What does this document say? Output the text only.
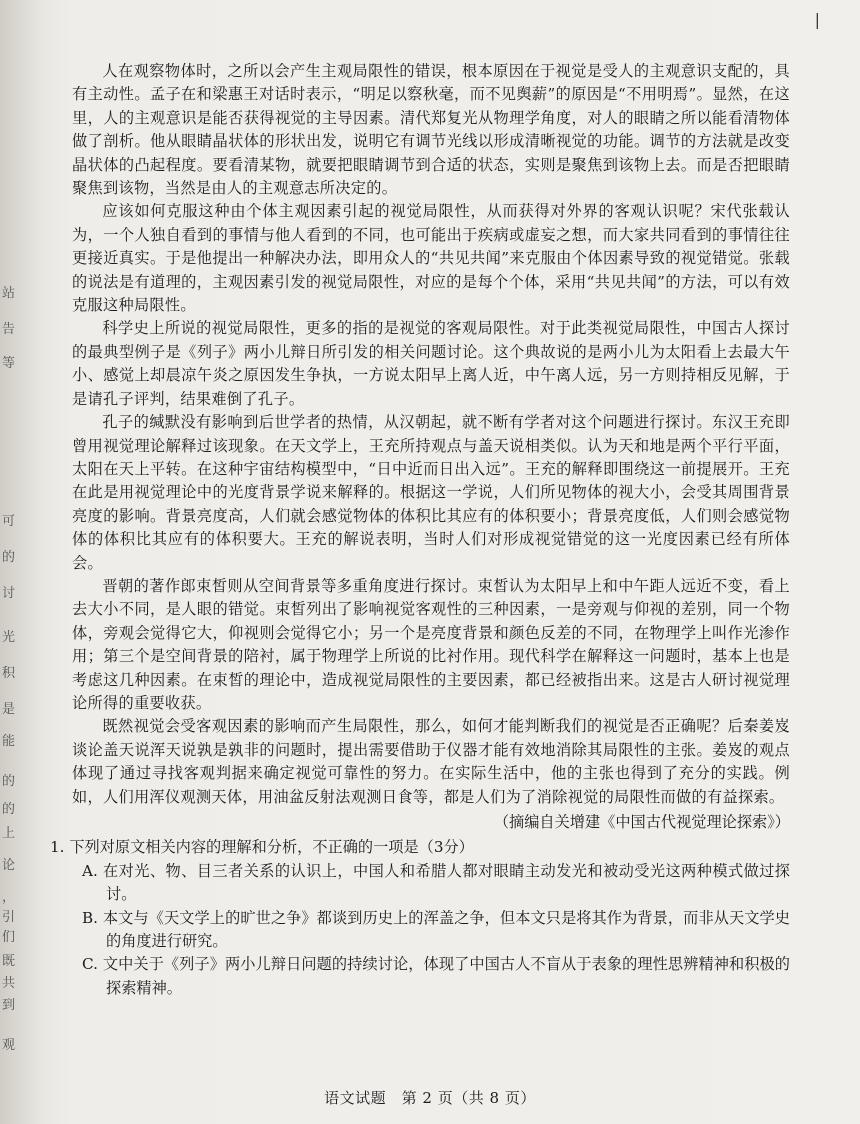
|
站
告
等
可
的
讨
光
积
是
能
的
的
上
论
，
引
们
既
共
到
观

人在观察物体时，之所以会产生主观局限性的错误，根本原因在于视觉是受人的主观意识支配的，具有主动性。孟子在和梁惠王对话时表示，“明足以察秋毫，而不见舆薪”的原因是“不用明焉”。显然，在这里，人的主观意识是能否获得视觉的主导因素。清代郑复光从物理学角度，对人的眼睛之所以能看清物体做了剖析。他从眼睛晶状体的形状出发，说明它有调节光线以形成清晰视觉的功能。调节的方法就是改变晶状体的凸起程度。要看清某物，就要把眼睛调节到合适的状态，实则是聚焦到该物上去。而是否把眼睛聚焦到该物，当然是由人的主观意志所决定的。

应该如何克服这种由个体主观因素引起的视觉局限性，从而获得对外界的客观认识呢？宋代张载认为，一个人独自看到的事情与他人看到的不同，也可能出于疾病或虚妄之想，而大家共同看到的事情往往更接近真实。于是他提出一种解决办法，即用众人的“共见共闻”来克服由个体因素导致的视觉错觉。张载的说法是有道理的，主观因素引发的视觉局限性，对应的是每个个体，采用“共见共闻”的方法，可以有效克服这种局限性。

科学史上所说的视觉局限性，更多的指的是视觉的客观局限性。对于此类视觉局限性，中国古人探讨的最典型例子是《列子》两小儿辩日所引发的相关问题讨论。这个典故说的是两小儿为太阳看上去最大午小、感觉上却晨凉午炎之原因发生争执，一方说太阳早上离人近，中午离人远，另一方则持相反见解，于是请孔子评判，结果难倒了孔子。

孔子的缄默没有影响到后世学者的热情，从汉朝起，就不断有学者对这个问题进行探讨。东汉王充即曾用视觉理论解释过该现象。在天文学上，王充所持观点与盖天说相类似。认为天和地是两个平行平面，太阳在天上平转。在这种宇宙结构模型中，“日中近而日出入远”。王充的解释即围绕这一前提展开。王充在此是用视觉理论中的光度背景学说来解释的。根据这一学说，人们所见物体的视大小，会受其周围背景亮度的影响。背景亮度高，人们就会感觉物体的体积比其应有的体积要小；背景亮度低，人们则会感觉物体的体积比其应有的体积要大。王充的解说表明，当时人们对形成视觉错觉的这一光度因素已经有所体会。

晋朝的著作郎束皙则从空间背景等多重角度进行探讨。束皙认为太阳早上和中午距人远近不变，看上去大小不同，是人眼的错觉。束皙列出了影响视觉客观性的三种因素，一是旁观与仰视的差别，同一个物体，旁观会觉得它大，仰视则会觉得它小；另一个是亮度背景和颜色反差的不同，在物理学上叫作光渗作用；第三个是空间背景的陪衬，属于物理学上所说的比衬作用。现代科学在解释这一问题时，基本上也是考虑这几种因素。在束皙的理论中，造成视觉局限性的主要因素，都已经被指出来。这是古人研讨视觉理论所得的重要收获。

既然视觉会受客观因素的影响而产生局限性，那么，如何才能判断我们的视觉是否正确呢？后秦姜岌谈论盖天说浑天说孰是孰非的问题时，提出需要借助于仪器才能有效地消除其局限性的主张。姜岌的观点体现了通过寻找客观判据来确定视觉可靠性的努力。在实际生活中，他的主张也得到了充分的实践。例如，人们用浑仪观测天体，用油盆反射法观测日食等，都是人们为了消除视觉的局限性而做的有益探索。

（摘编自关增建《中国古代视觉理论探索》）

1. 下列对原文相关内容的理解和分析，不正确的一项是（3分）

A. 在对光、物、目三者关系的认识上，中国人和希腊人都对眼睛主动发光和被动受光这两种模式做过探讨。

B. 本文与《天文学上的旷世之争》都谈到历史上的浑盖之争，但本文只是将其作为背景，而非从天文学史的角度进行研究。

C. 文中关于《列子》两小儿辩日问题的持续讨论，体现了中国古人不盲从于表象的理性思辨精神和积极的探索精神。

语文试题　第 2 页（共 8 页）
